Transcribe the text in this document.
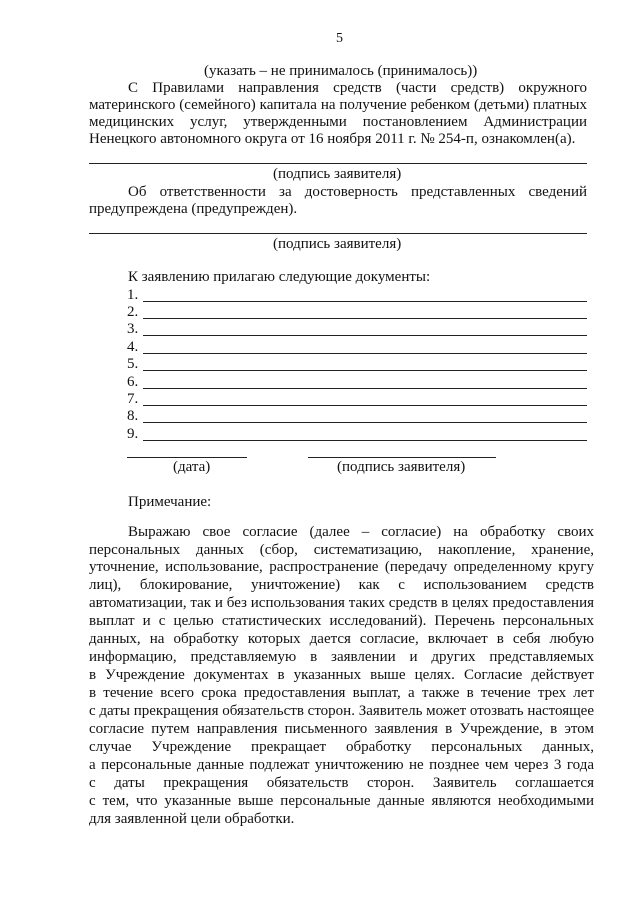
5
(указать – не принималось (принималось))
С Правилами направления средств (части средств) окружного
материнского (семейного) капитала на получение ребенком (детьми) платных
медицинских услуг, утвержденными постановлением Администрации
Ненецкого автономного округа от 16 ноября 2011 г. № 254-п, ознакомлен(а).
(подпись заявителя)
Об ответственности за достоверность представленных сведений
предупреждена (предупрежден).
(подпись заявителя)
К заявлению прилагаю следующие документы:
1.
2.
3.
4.
5.
6.
7.
8.
9.
(дата)	(подпись заявителя)
Примечание:
Выражаю свое согласие (далее – согласие) на обработку своих
персональных данных (сбор, систематизацию, накопление, хранение,
уточнение, использование, распространение (передачу определенному кругу
лиц), блокирование, уничтожение) как с использованием средств
автоматизации, так и без использования таких средств в целях предоставления
выплат и с целью статистических исследований). Перечень персональных
данных, на обработку которых дается согласие, включает в себя любую
информацию, представляемую в заявлении и других представляемых
в Учреждение документах в указанных выше целях. Согласие действует
в течение всего срока предоставления выплат, а также в течение трех лет
с даты прекращения обязательств сторон. Заявитель может отозвать настоящее
согласие путем направления письменного заявления в Учреждение, в этом
случае Учреждение прекращает обработку персональных данных,
а персональные данные подлежат уничтожению не позднее чем через 3 года
с даты прекращения обязательств сторон. Заявитель соглашается
с тем, что указанные выше персональные данные являются необходимыми
для заявленной цели обработки.
